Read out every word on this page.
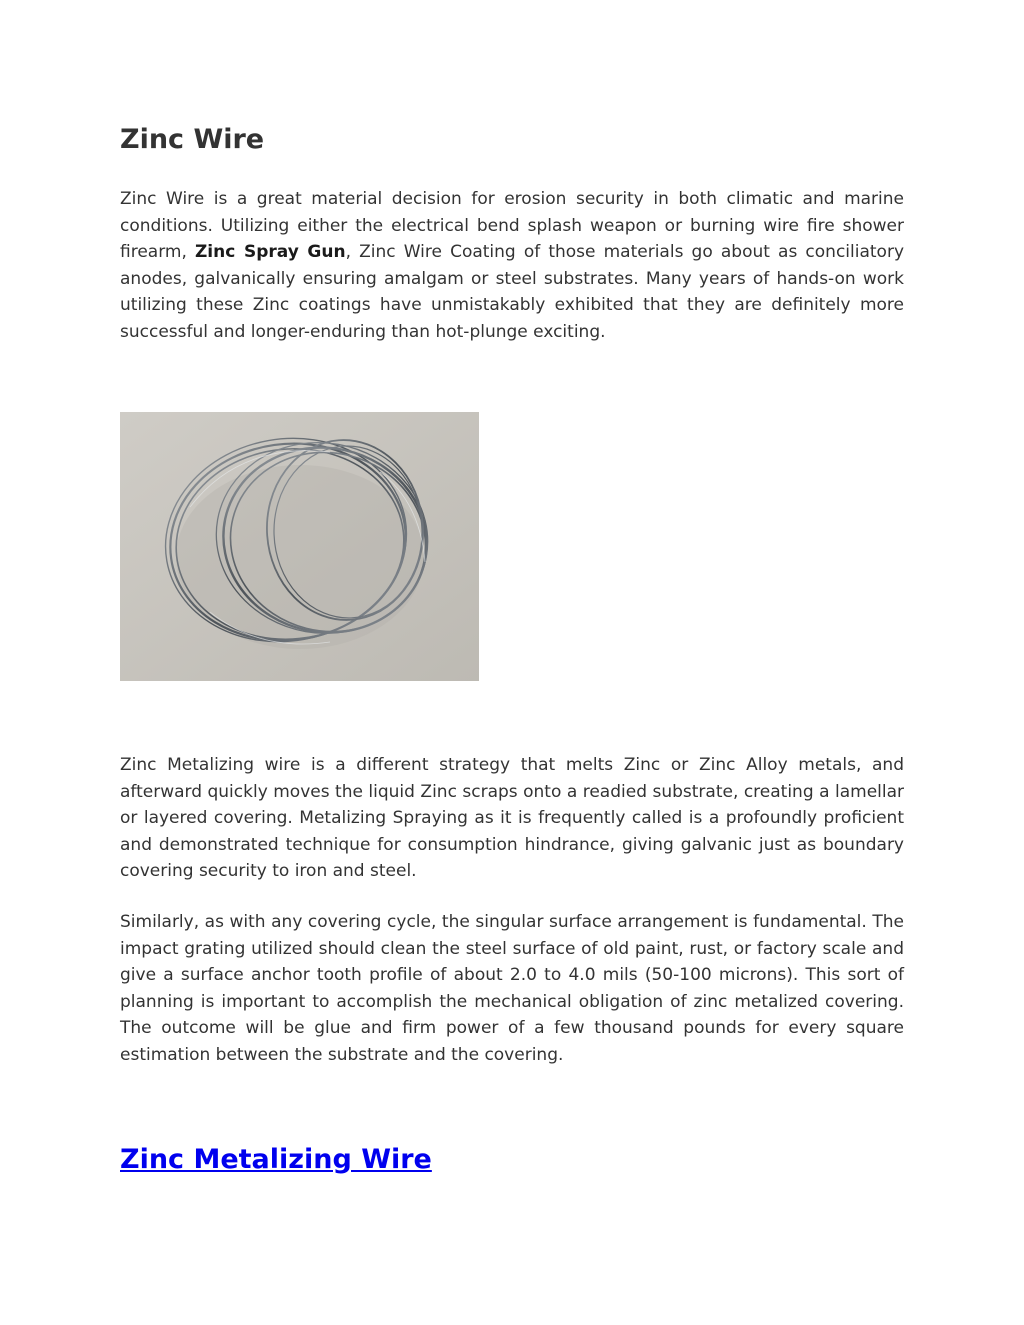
Zinc Wire

Zinc Wire is a great material decision for erosion security in both climatic and marine conditions. Utilizing either the electrical bend splash weapon or burning wire fire shower firearm, Zinc Spray Gun, Zinc Wire Coating of those materials go about as conciliatory anodes, galvanically ensuring amalgam or steel substrates. Many years of hands-on work utilizing these Zinc coatings have unmistakably exhibited that they are definitely more successful and longer-enduring than hot-plunge exciting.

Zinc Metalizing wire is a different strategy that melts Zinc or Zinc Alloy metals, and afterward quickly moves the liquid Zinc scraps onto a readied substrate, creating a lamellar or layered covering. Metalizing Spraying as it is frequently called is a profoundly proficient and demonstrated technique for consumption hindrance, giving galvanic just as boundary covering security to iron and steel.

Similarly, as with any covering cycle, the singular surface arrangement is fundamental. The impact grating utilized should clean the steel surface of old paint, rust, or factory scale and give a surface anchor tooth profile of about 2.0 to 4.0 mils (50-100 microns). This sort of planning is important to accomplish the mechanical obligation of zinc metalized covering. The outcome will be glue and firm power of a few thousand pounds for every square estimation between the substrate and the covering.

Zinc Metalizing Wire
